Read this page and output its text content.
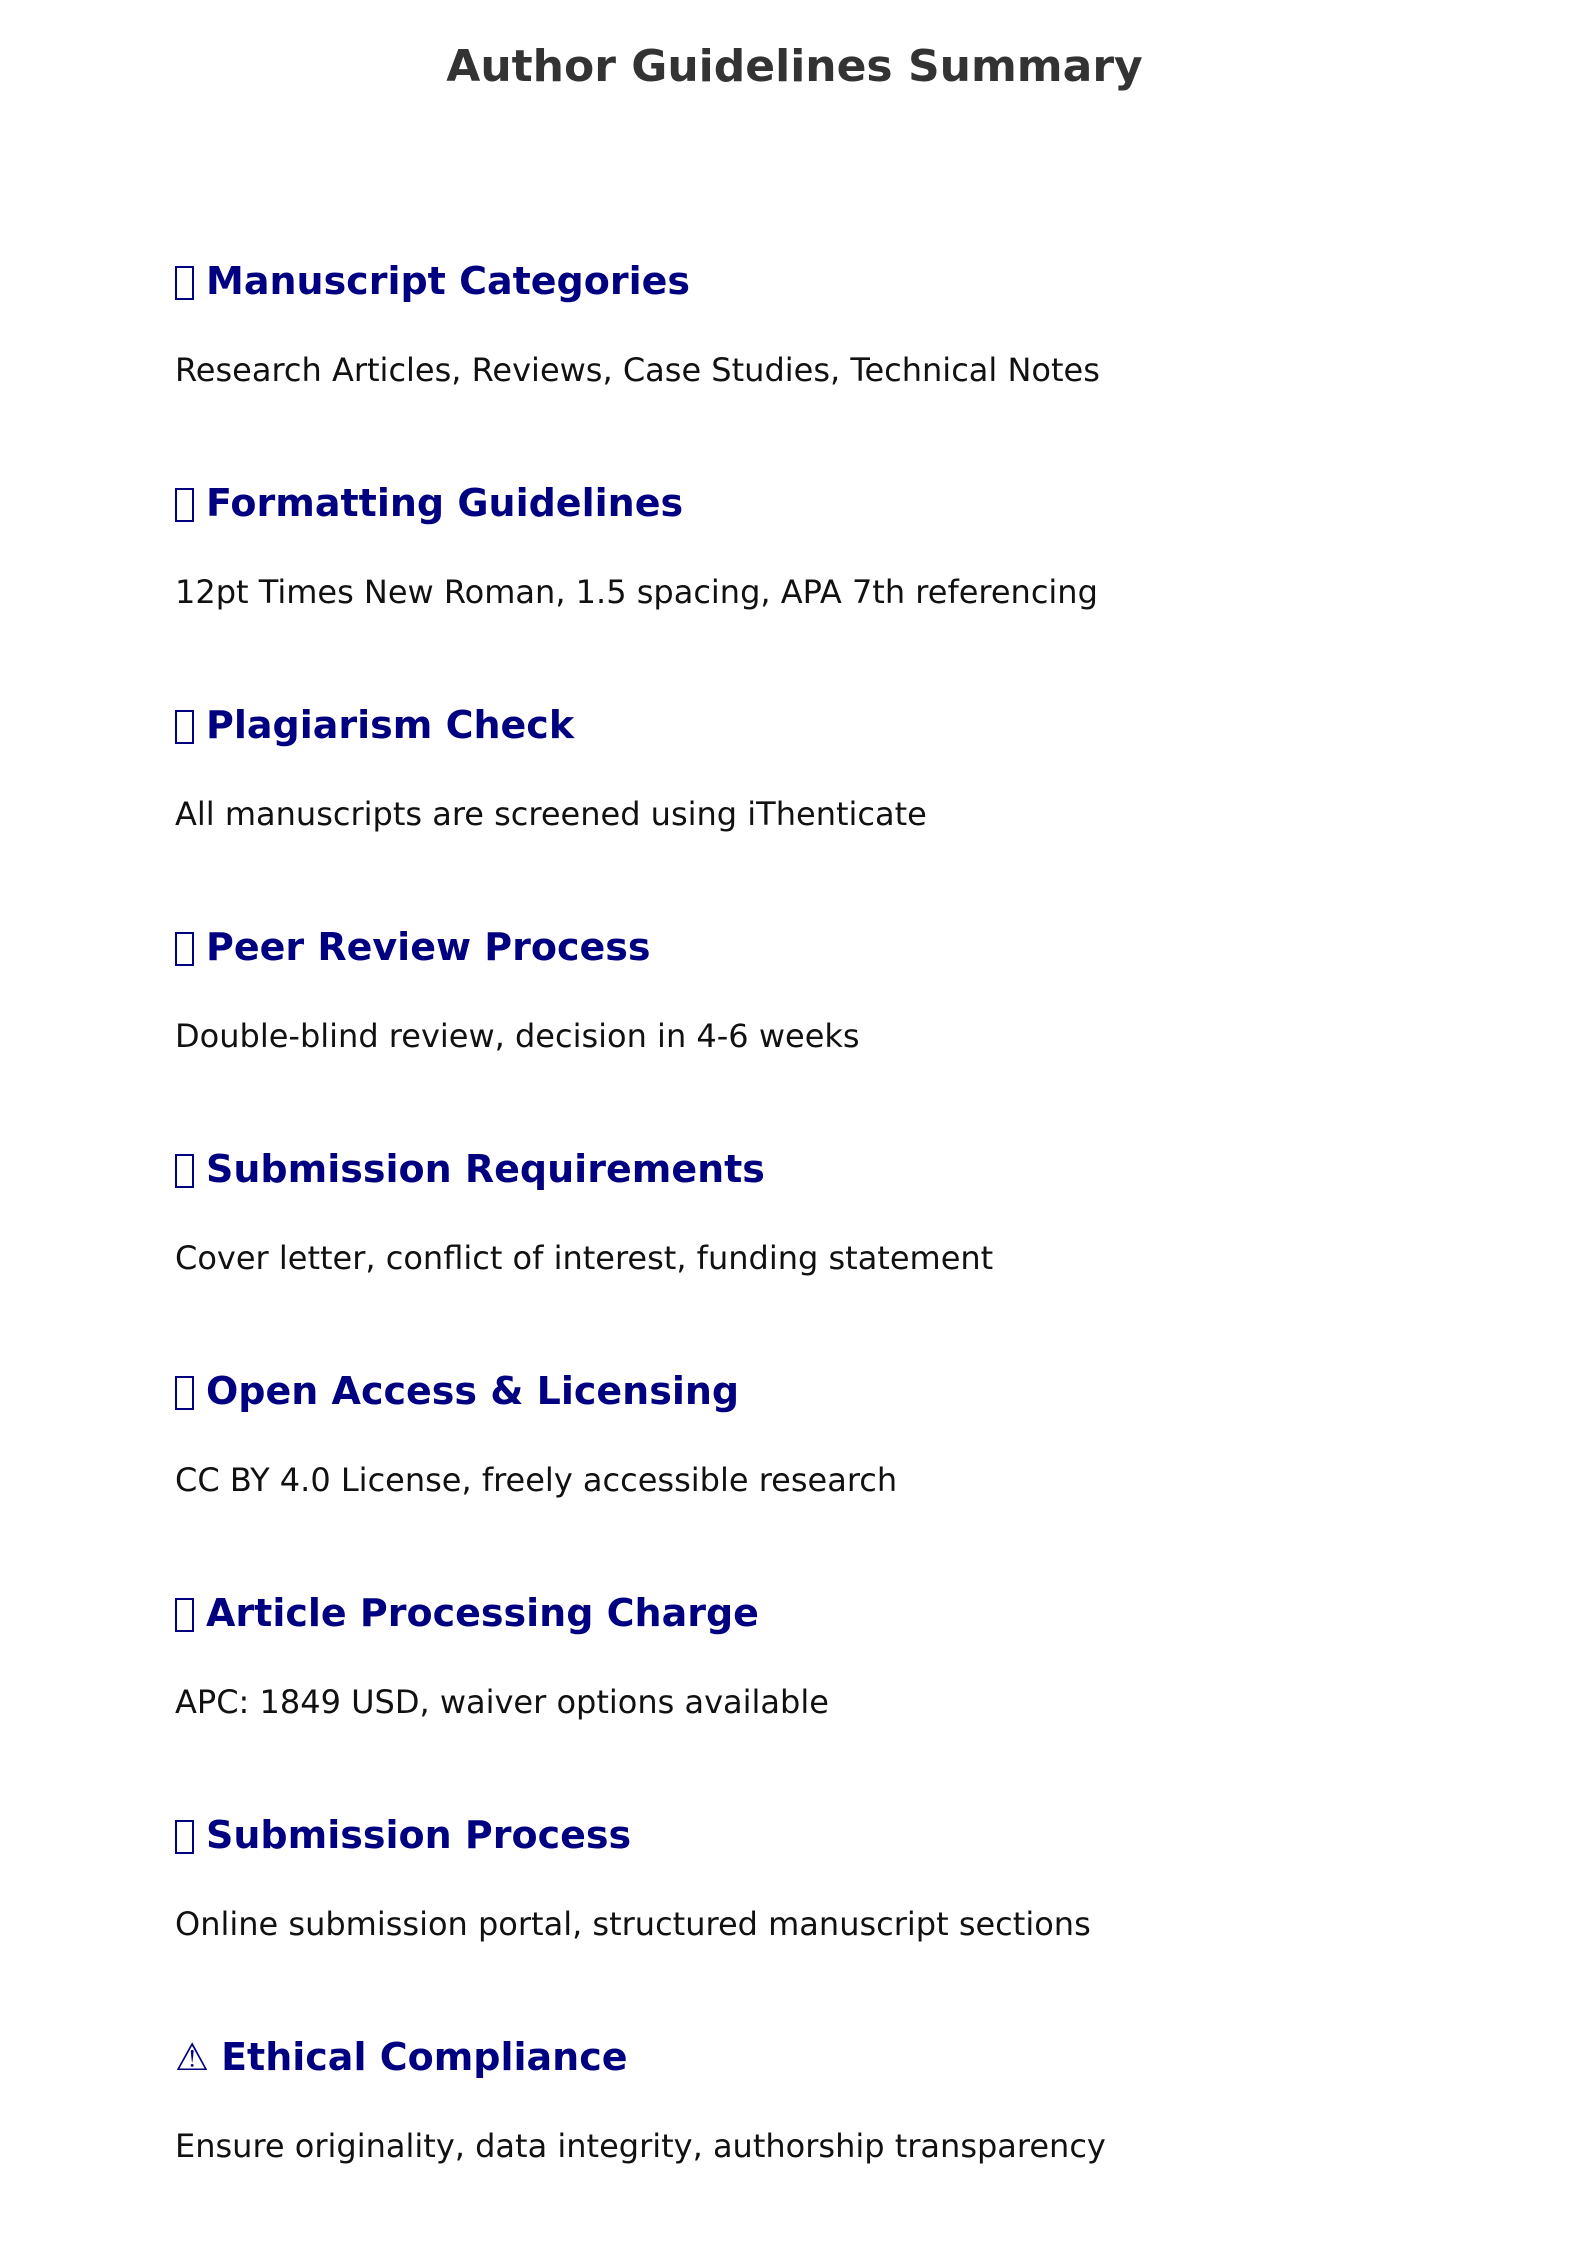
Author Guidelines Summary
Manuscript Categories
Research Articles, Reviews, Case Studies, Technical Notes
Formatting Guidelines
12pt Times New Roman, 1.5 spacing, APA 7th referencing
Plagiarism Check
All manuscripts are screened using iThenticate
Peer Review Process
Double-blind review, decision in 4-6 weeks
Submission Requirements
Cover letter, conflict of interest, funding statement
Open Access & Licensing
CC BY 4.0 License, freely accessible research
Article Processing Charge
APC: 1849 USD, waiver options available
Submission Process
Online submission portal, structured manuscript sections
⚠ Ethical Compliance
Ensure originality, data integrity, authorship transparency
